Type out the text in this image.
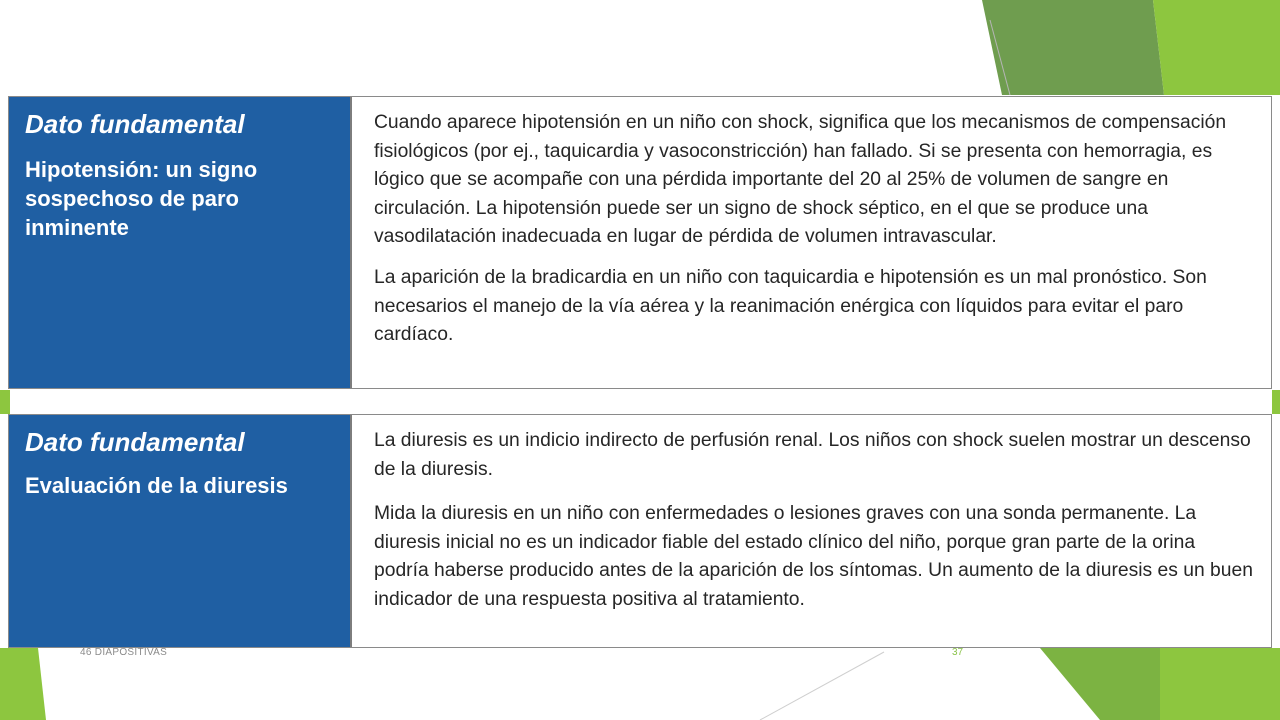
Dato fundamental
Hipotensión: un signo sospechoso de paro inminente

Cuando aparece hipotensión en un niño con shock, significa que los mecanismos de compensación fisiológicos (por ej., taquicardia y vasoconstricción) han fallado. Si se presenta con hemorragia, es lógico que se acompañe con una pérdida importante del 20 al 25% de volumen de sangre en circulación. La hipotensión puede ser un signo de shock séptico, en el que se produce una vasodilatación inadecuada en lugar de pérdida de volumen intravascular.

La aparición de la bradicardia en un niño con taquicardia e hipotensión es un mal pronóstico. Son necesarios el manejo de la vía aérea y la reanimación enérgica con líquidos para evitar el paro cardíaco.

Dato fundamental
Evaluación de la diuresis

La diuresis es un indicio indirecto de perfusión renal. Los niños con shock suelen mostrar un descenso de la diuresis.

Mida la diuresis en un niño con enfermedades o lesiones graves con una sonda permanente. La diuresis inicial no es un indicador fiable del estado clínico del niño, porque gran parte de la orina podría haberse producido antes de la aparición de los síntomas. Un aumento de la diuresis es un buen indicador de una respuesta positiva al tratamiento.

46 DIAPOSITIVAS	37
